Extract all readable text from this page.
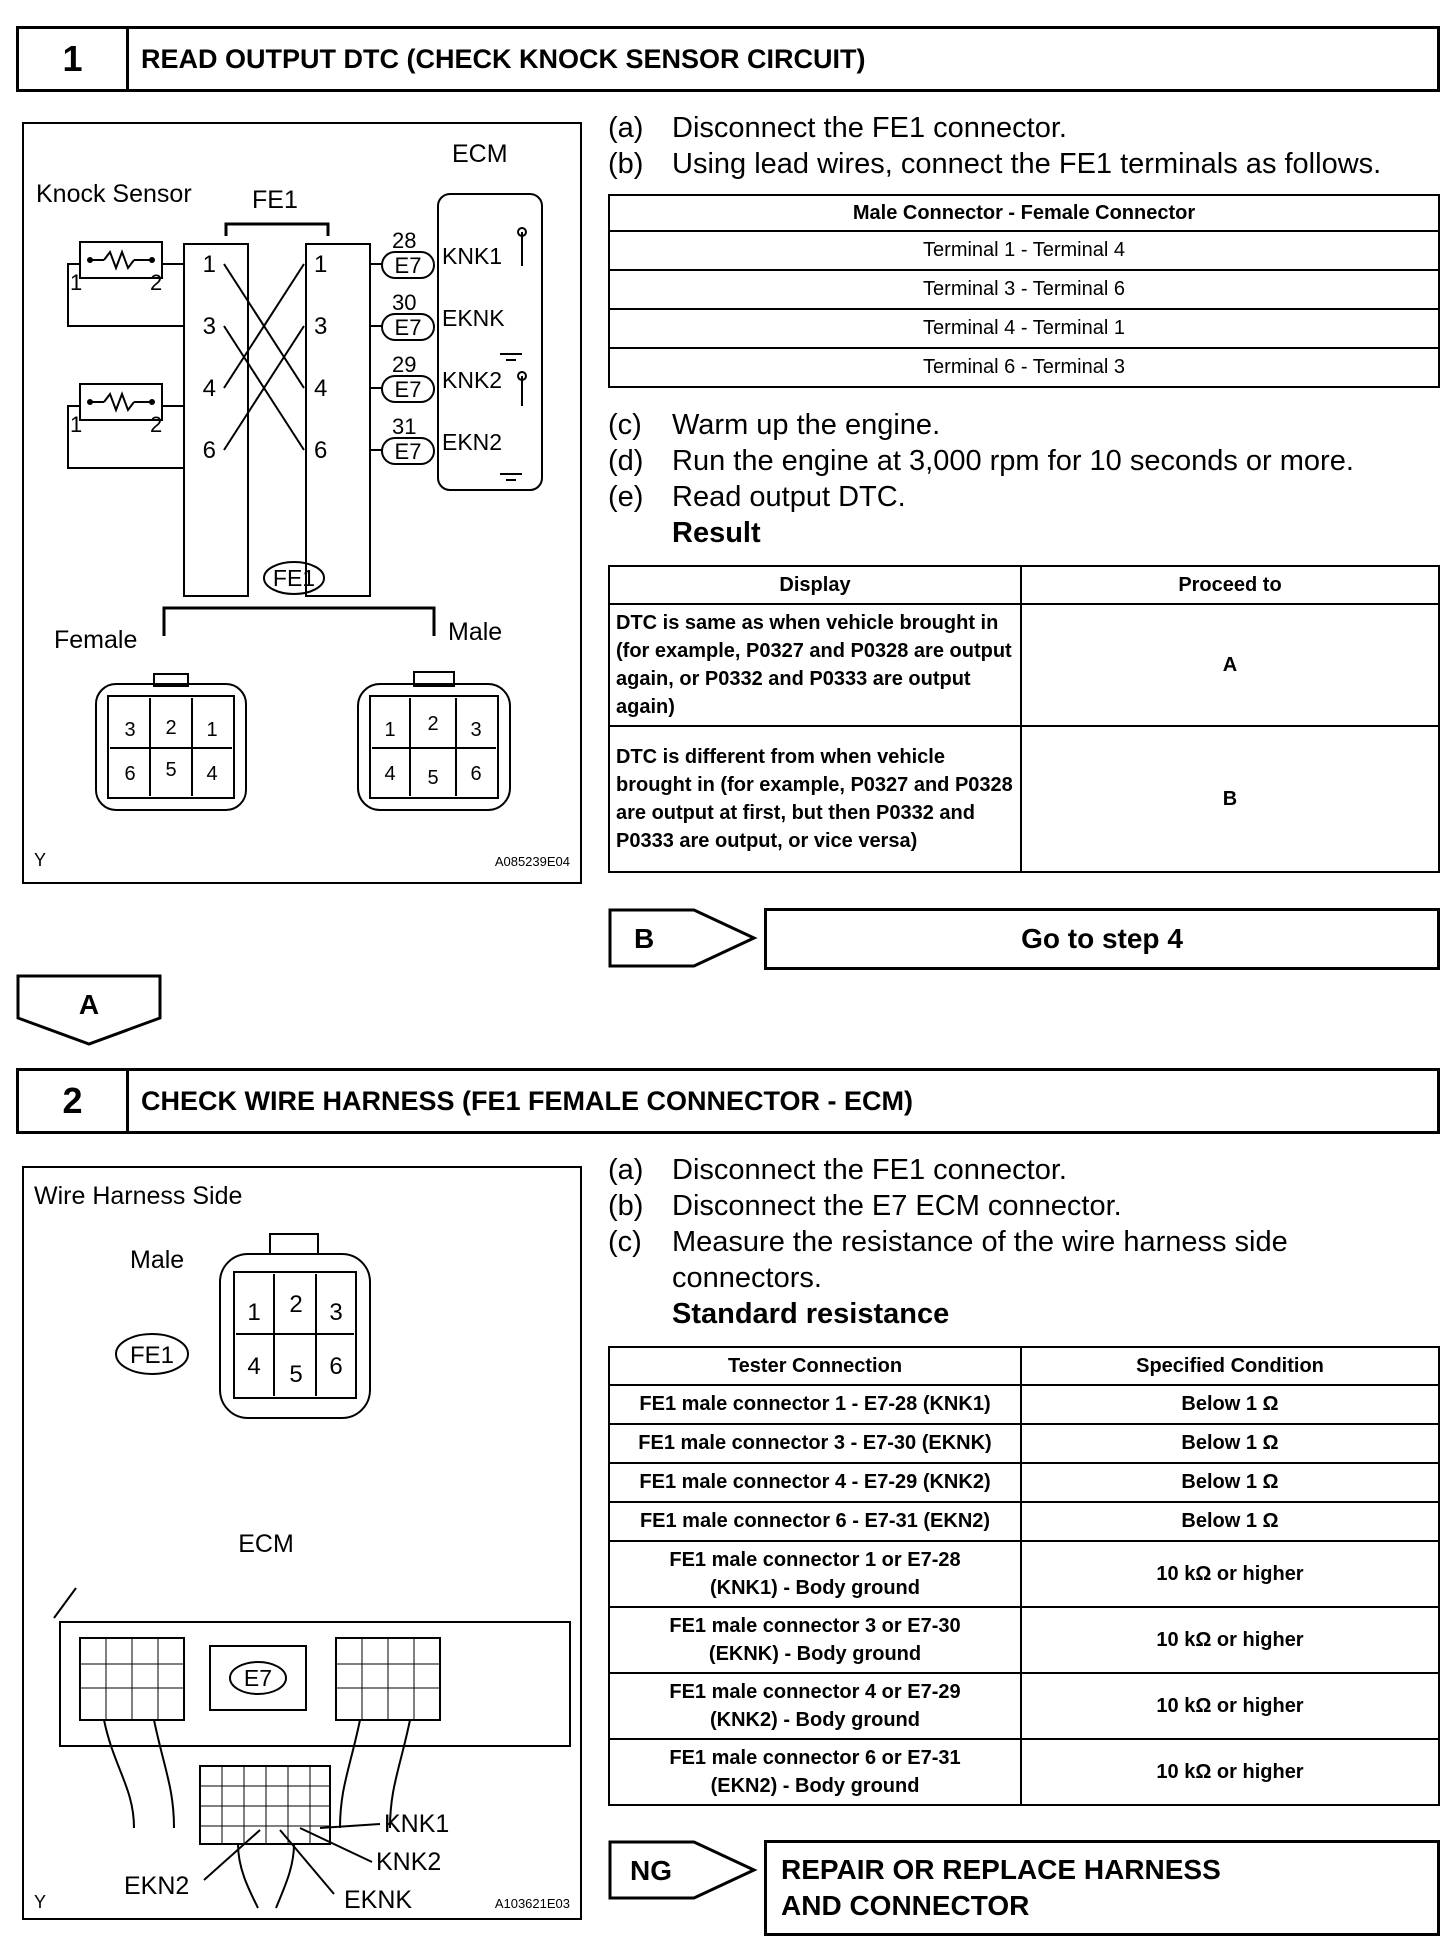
1	READ OUTPUT DTC (CHECK KNOCK SENSOR CIRCUIT)
Knock Sensor
ECM
FE1
1	2
1	2
1
3
4
6
1
3
4
6
E7
E7
E7
E7
28
30
29
31
KNK1
EKNK
KNK2
EKN2
FE1
Female	Male
3 2 1
6 5 4
1 2 3
4 5 6
Y	A085239E04
(a) Disconnect the FE1 connector.
(b) Using lead wires, connect the FE1 terminals as follows.
Male Connector - Female Connector
Terminal 1 - Terminal 4
Terminal 3 - Terminal 6
Terminal 4 - Terminal 1
Terminal 6 - Terminal 3
(c)	Warm up the engine.
(d) Run the engine at 3,000 rpm for 10 seconds or more.
(e) Read output DTC.
Result
Display	Proceed to
DTC is same as when vehicle brought in (for example, P0327 and P0328 are output again, or P0332 and P0333 are output again)	A
DTC is different from when vehicle brought in (for example, P0327 and P0328 are output at first, but then P0332 and P0333 are output, or vice versa)	B
B	Go to step 4
A
2	CHECK WIRE HARNESS (FE1 FEMALE CONNECTOR - ECM)
Wire Harness Side
Male
FE1
1 2 3
4 5 6
ECM
E7
KNK1
KNK2
EKNK
EKN2
Y	A103621E03
(a) Disconnect the FE1 connector.
(b) Disconnect the E7 ECM connector.
(c)	Measure the resistance of the wire harness side connectors.
Standard resistance
Tester Connection	Specified Condition
FE1 male connector 1 - E7-28 (KNK1)	Below 1 Ω
FE1 male connector 3 - E7-30 (EKNK)	Below 1 Ω
FE1 male connector 4 - E7-29 (KNK2)	Below 1 Ω
FE1 male connector 6 - E7-31 (EKN2)	Below 1 Ω
FE1 male connector 1 or E7-28 (KNK1) - Body ground	10 kΩ or higher
FE1 male connector 3 or E7-30 (EKNK) - Body ground	10 kΩ or higher
FE1 male connector 4 or E7-29 (KNK2) - Body ground	10 kΩ or higher
FE1 male connector 6 or E7-31 (EKN2) - Body ground	10 kΩ or higher
NG	REPAIR OR REPLACE HARNESS AND CONNECTOR
